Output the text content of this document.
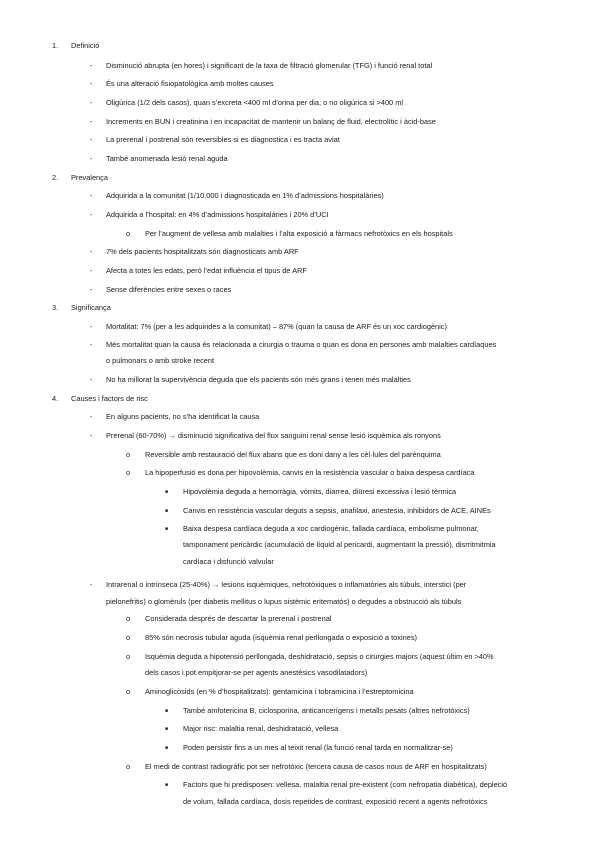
1. Definició
- Disminució abrupta (en hores) i significant de la taxa de filtració glomerular (TFG) i funció renal total
- És una alteració fisiopatològica amb moltes causes
- Oligúrica (1/2 dels casos), quan s’excreta <400 ml d’orina per dia, o no oligúrica si >400 ml
- Increments en BUN i creatinina i en incapacitat de mantenir un balanç de fluid, electrolític i àcid-base
- La prerenal i postrenal són reversibles si es diagnostica i es tracta aviat
- També anomenada lesió renal aguda
2. Prevalença
- Adquirida a la comunitat (1/10.000 i diagnosticada en 1% d’admissions hospitalàries)
- Adquirida a l’hospital: en 4% d’admissions hospitalàries i 20% d’UCI
o Per l’augment de vellesa amb malalties i l’alta exposició a fàrmacs nefrotòxics en els hospitals
- 7% dels pacients hospitalitzats són diagnosticats amb ARF
- Afecta a totes les edats, però l’edat influència el tipus de ARF
- Sense diferències entre sexes o races
3. Significança
- Mortalitat: 7% (per a les adquirides a la comunitat) – 87% (quan la causa de ARF és un xoc cardiogènic)
- Més mortalitat quan la causa és relacionada a cirurgia o trauma o quan es dona en persones amb malalties cardíaques
o pulmonars o amb stroke recent
- No ha millorat la supervivència deguda que els pacients són més grans i tenen més malalties
4. Causes i factors de risc
- En alguns pacients, no s’ha identificat la causa
- Prerenal (60-70%) → disminució significativa del flux sanguini renal sense lesió isquèmica als ronyons
o Reversible amb restauració del flux abans que es doni dany a les cèl·lules del parènquima
o La hipoperfusió es dona per hipovolèmia, canvis en la resistència vascular o baixa despesa cardíaca
■ Hipovolèmia deguda a hemorràgia, vòmits, diarrea, diüresi excessiva i lesió tèrmica
■ Canvis en resistència vascular deguts a sepsis, anafilaxi, anestesia, inhibidors de ACE, AINEs
■ Baixa despesa cardíaca deguda a xoc cardiogènic, fallada cardíaca, embolisme pulmonar,
tamponament pericàrdic (acumulació de líquid al pericardi, augmentant la pressió), disrritmitmia
cardíaca i disfunció valvular
- Intrarenal o intrínseca (25-40%) → lesions isquèmiques, nefrotòxiques o inflamatòries als túbuls, interstici (per
pielonefritis) o glomèruls (per diabetis mellitus o lupus sistèmic eritematós) o degudes a obstrucció als túbuls
o Considerada després de descartar la prerenal i postrenal
o 85% són necrosis tubular aguda (isquèmia renal perllongada o exposició a toxines)
o Isquèmia deguda a hipotensió perllongada, deshidratació, sepsis o cirurgies majors (aquest últim en >40%
dels casos i pot empitjorar-se per agents anestèsics vasodilatadors)
o Aminoglicòsids (en % d’hospitalitzats): gentamicina i tobramicina i l’estreptomicina
■ També amfotericina B, ciclosporina, anticancerígens i metalls pesats (altres nefrotòxics)
■ Major risc: malaltia renal, deshidratació, vellesa
■ Poden persistir fins a un mes al teixit renal (la funció renal tarda en normalitzar-se)
o El medi de contrast radiogràfic pot ser nefrotòxic (tercera causa de casos nous de ARF en hospitalitzats)
■ Factors que hi predisposen: vellesa, malaltia renal pre-existent (com nefropatia diabètica), depleció
de volum, fallada cardíaca, dosis repetides de contrast, exposició recent a agents nefrotòxics
